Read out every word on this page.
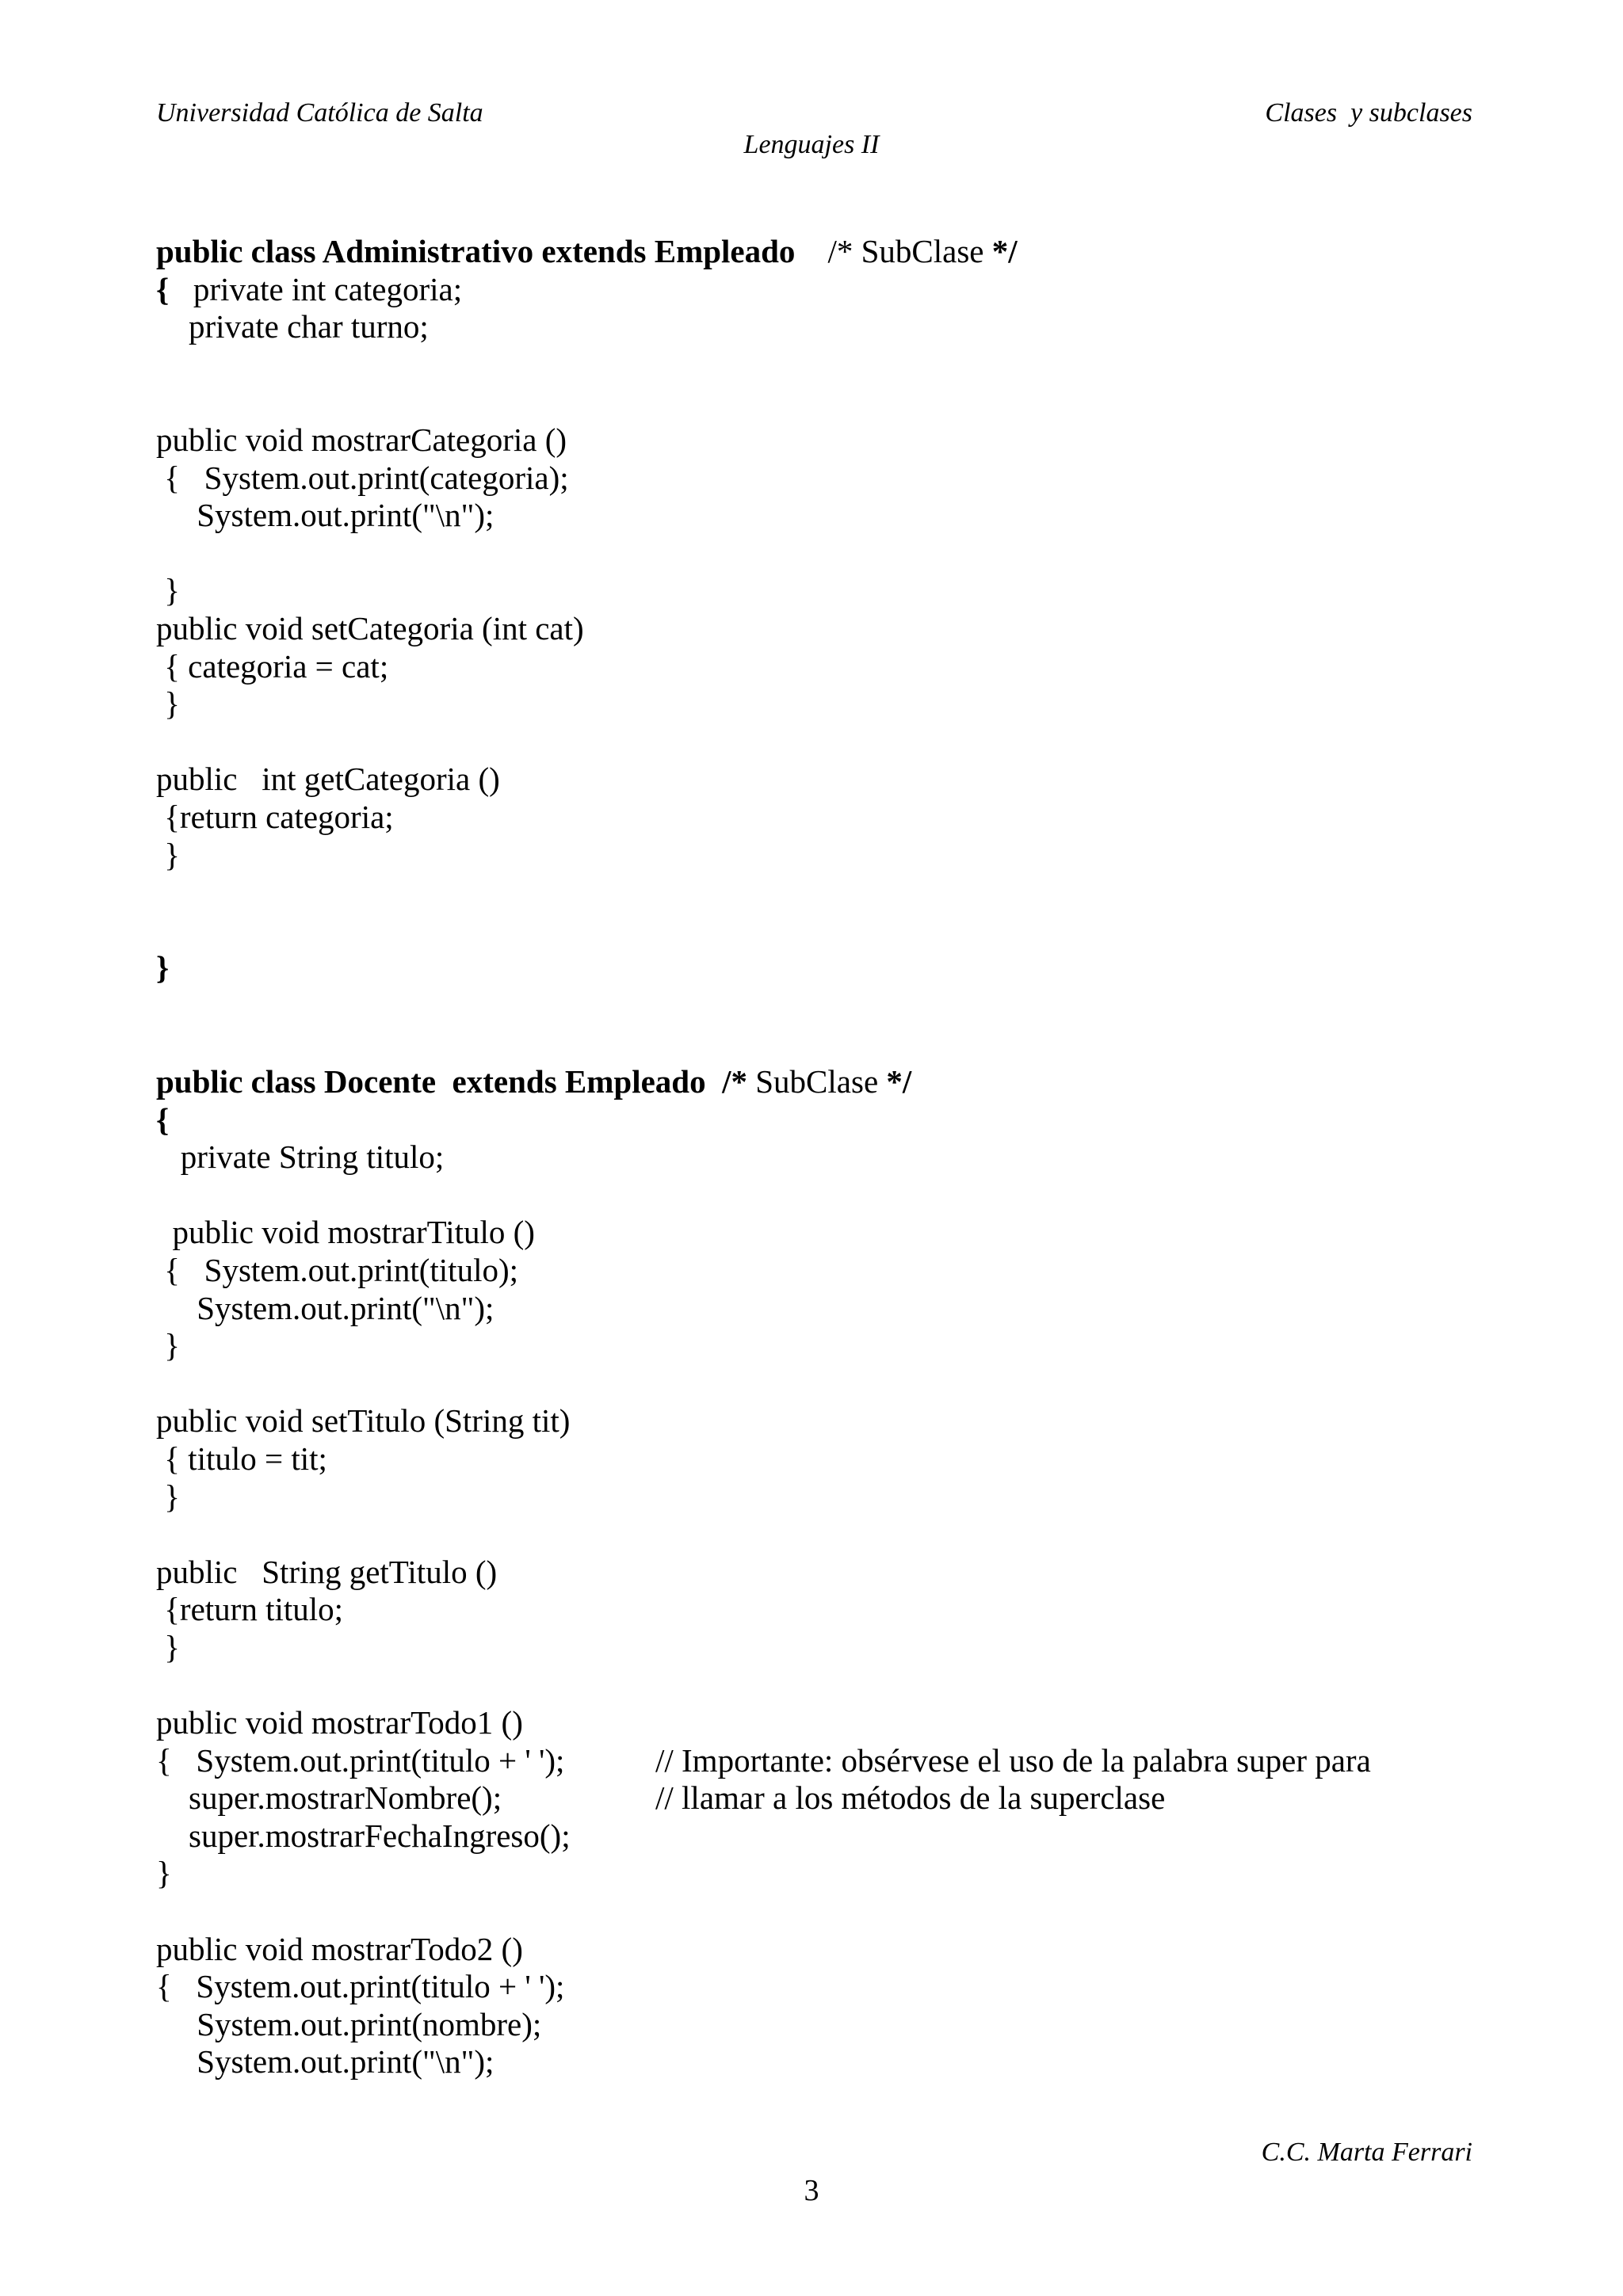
Universidad Católica de Salta	Clases  y subclases
Lenguajes II
public class Administrativo extends Empleado    /* SubClase */
{   private int categoria;
private char turno;
public void mostrarCategoria ()
{   System.out.print(categoria);
System.out.print("\n");
}
public void setCategoria (int cat)
{ categoria = cat;
}
public   int getCategoria ()
{return categoria;
}
}
public class Docente  extends Empleado  /* SubClase */
{
private String titulo;
public void mostrarTitulo ()
{   System.out.print(titulo);
System.out.print("\n");
}
public void setTitulo (String tit)
{ titulo = tit;
}
public   String getTitulo ()
{return titulo;
}
public void mostrarTodo1 ()
{   System.out.print(titulo + ' ');	// Importante: obsérvese el uso de la palabra super para
super.mostrarNombre();	// llamar a los métodos de la superclase
super.mostrarFechaIngreso();
}
public void mostrarTodo2 ()
{   System.out.print(titulo + ' ');
System.out.print(nombre);
System.out.print("\n");
C.C. Marta Ferrari
3
